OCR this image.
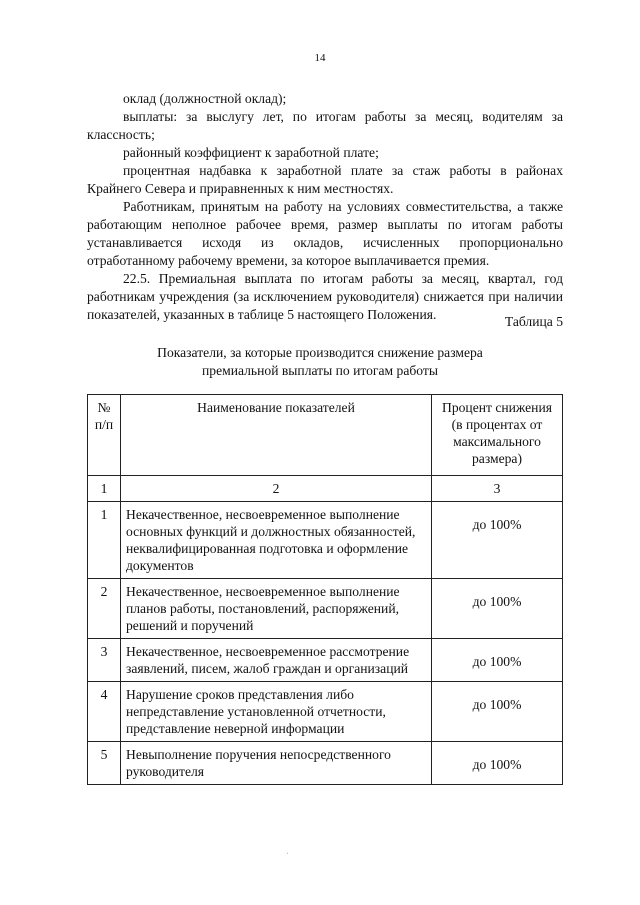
14

оклад (должностной оклад);

выплаты: за выслугу лет, по итогам работы за месяц, водителям за классность;

районный коэффициент к заработной плате;

процентная надбавка к заработной плате за стаж работы в районах Крайнего Севера и приравненных к ним местностях.

Работникам, принятым на работу на условиях совместительства, а также работающим неполное рабочее время, размер выплаты по итогам работы устанавливается исходя из окладов, исчисленных пропорционально отработанному рабочему времени, за которое выплачивается премия.

22.5. Премиальная выплата по итогам работы за месяц, квартал, год работникам учреждения (за исключением руководителя) снижается при наличии показателей, указанных в таблице 5 настоящего Положения.	Таблица 5
Показатели, за которые производится снижение размера
премиальной выплаты по итогам работы
№ п/п	Наименование показателей	Процент снижения (в процентах от максимального размера)
1	2	3
1	Некачественное, несвоевременное выполнение основных функций и должностных обязанностей, неквалифицированная подготовка и оформление документов	до 100%
2	Некачественное, несвоевременное выполнение планов работы, постановлений, распоряжений, решений и поручений	до 100%
3	Некачественное, несвоевременное рассмотрение заявлений, писем, жалоб граждан и организаций	до 100%
4	Нарушение сроков представления либо непредставление установленной отчетности, представление неверной информации	до 100%
5	Невыполнение поручения непосредственного руководителя	до 100%
ˌ
